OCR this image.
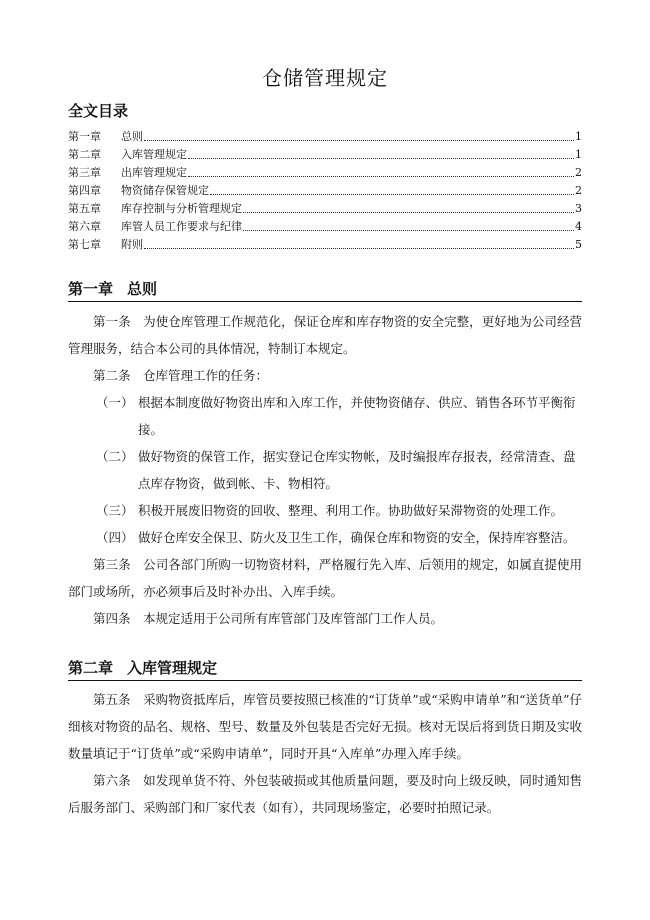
仓储管理规定
全文目录
第一章	总则	1
第二章	入库管理规定	1
第三章	出库管理规定	2
第四章	物资储存保管规定	2
第五章	库存控制与分析管理规定	3
第六章	库管人员工作要求与纪律	4
第七章	附则	5
第一章 总则

第一条　为使仓库管理工作规范化，保证仓库和库存物资的安全完整，更好地为公司经营管理服务，结合本公司的具体情况，特制订本规定。

第二条　仓库管理工作的任务：

（一） 根据本制度做好物资出库和入库工作，并使物资储存、供应、销售各环节平衡衔接。

（二） 做好物资的保管工作，据实登记仓库实物帐，及时编报库存报表，经常清查、盘点库存物资，做到帐、卡、物相符。

（三） 积极开展废旧物资的回收、整理、利用工作。协助做好呆滞物资的处理工作。

（四） 做好仓库安全保卫、防火及卫生工作，确保仓库和物资的安全，保持库容整洁。

第三条　公司各部门所购一切物资材料，严格履行先入库、后领用的规定，如属直提使用部门或场所，亦必须事后及时补办出、入库手续。

第四条　本规定适用于公司所有库管部门及库管部门工作人员。

第二章 入库管理规定

第五条　采购物资抵库后，库管员要按照已核准的“订货单”或“采购申请单”和“送货单”仔细核对物资的品名、规格、型号、数量及外包装是否完好无损。核对无误后将到货日期及实收数量填记于“订货单”或“采购申请单”，同时开具“入库单”办理入库手续。

第六条　如发现单货不符、外包装破损或其他质量问题，要及时向上级反映，同时通知售后服务部门、采购部门和厂家代表（如有），共同现场鉴定，必要时拍照记录。
